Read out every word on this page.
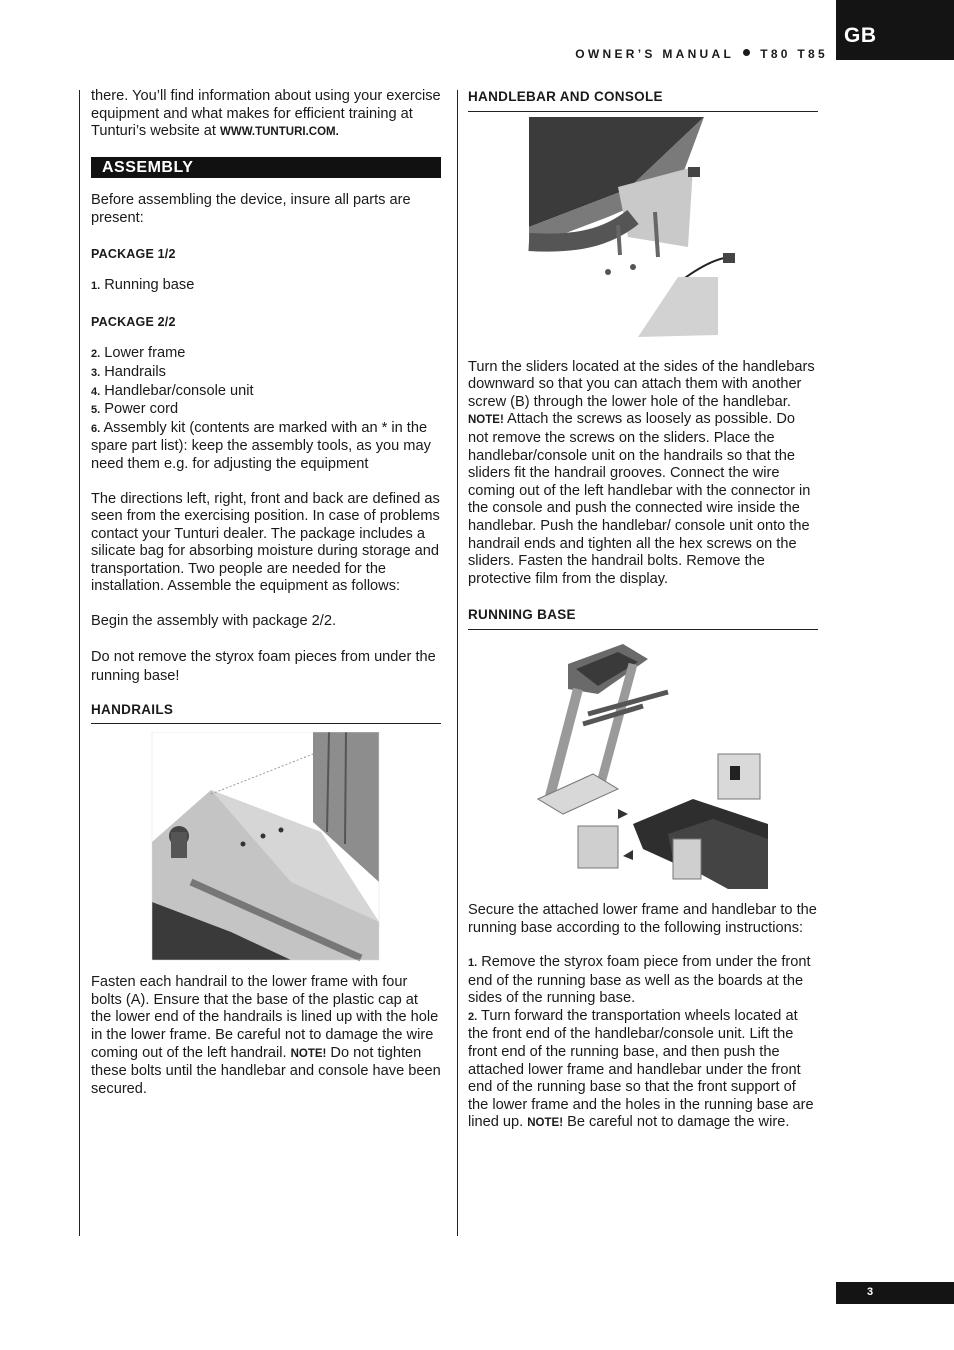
GB
OWNER’S MANUAL T80 T85

there. You’ll find information about using your exercise equipment and what makes for efficient training at Tunturi’s website at WWW.TUNTURI.COM.

ASSEMBLY

Before assembling the device, insure all parts are present:

PACKAGE 1/2

1. Running base

PACKAGE 2/2

2. Lower frame

3. Handrails

4. Handlebar/console unit

5. Power cord

6. Assembly kit (contents are marked with an * in the spare part list): keep the assembly tools, as you may need them e.g. for adjusting the equipment

The directions left, right, front and back are defined as seen from the exercising position. In case of problems contact your Tunturi dealer. The package includes a silicate bag for absorbing moisture during storage and transportation. Two people are needed for the installation. Assemble the equipment as follows:

Begin the assembly with package 2/2.

Do not remove the styrox foam pieces from under the running base!

HANDRAILS

Fasten each handrail to the lower frame with four bolts (A). Ensure that the base of the plastic cap at the lower end of the handrails is lined up with the hole in the lower frame. Be careful not to damage the wire coming out of the left handrail. NOTE! Do not tighten these bolts until the handlebar and console have been secured.

HANDLEBAR AND CONSOLE

Turn the sliders located at the sides of the handlebars downward so that you can attach them with another screw (B) through the lower hole of the handlebar. NOTE! Attach the screws as loosely as possible. Do not remove the screws on the sliders. Place the handlebar/console unit on the handrails so that the sliders fit the handrail grooves. Connect the wire coming out of the left handlebar with the connector in the console and push the connected wire inside the handlebar. Push the handlebar/ console unit onto the handrail ends and tighten all the hex screws on the sliders. Fasten the handrail bolts. Remove the protective film from the display.

RUNNING BASE

Secure the attached lower frame and handlebar to the running base according to the following instructions:

1. Remove the styrox foam piece from under the front end of the running base as well as the boards at the sides of the running base.

2. Turn forward the transportation wheels located at the front end of the handlebar/console unit. Lift the front end of the running base, and then push the attached lower frame and handlebar under the front end of the running base so that the front support of the lower frame and the holes in the running base are lined up. NOTE! Be careful not to damage the wire.

3
